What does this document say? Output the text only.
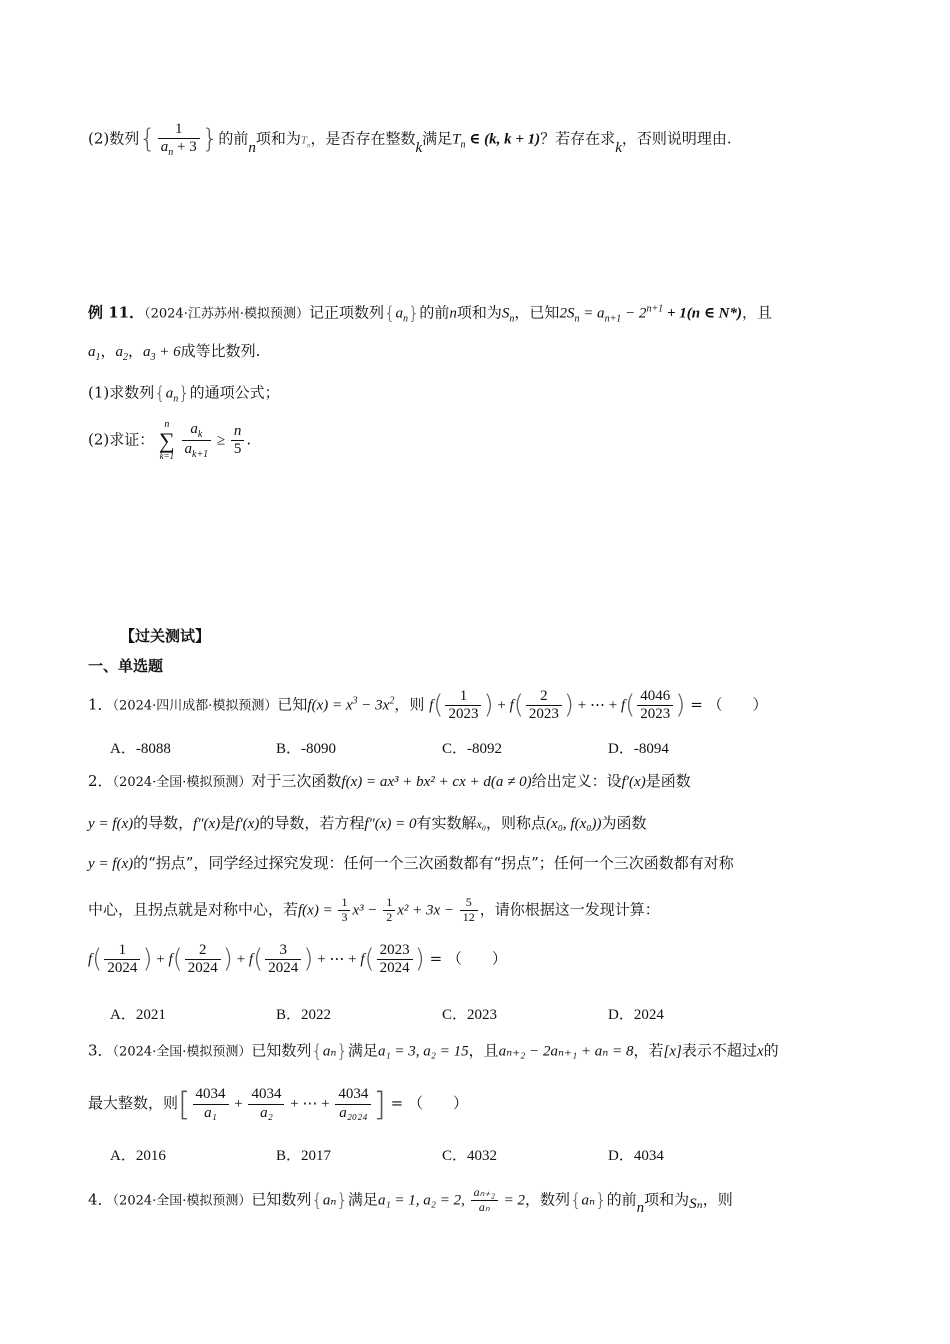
(2)数列{ $\frac{1}{a_n + 3}$ }的前n项和为$T_n$，是否存在整数k满足$T_n$ ∈ (k, k + 1)？若存在求k，否则说明理由.
例 11．（2024·江苏苏州·模拟预测）记正项数列$\{a_n\}$的前n项和为$S_n$，已知$2S_n = a_{n+1} - 2^{n+1} + 1(n$ ∈ N*)，且
$a_1$，$a_2$，$a_3 + 6$成等比数列.
(1)求数列$\{a_n\}$的通项公式；
(2)求证：
n
∑
k=1
$\frac{a_k}{a_{k+1}} \ge \frac{n}{5}$ .
【过关测试】
一、单选题
1．（2024·四川成都·模拟预测）已知$f(x) = x^3 - 3x^2$，则 $f( \frac{1}{2023}$ ) + $f( \frac{2}{2023}$ ) + ⋯ + $f( \frac{4046}{2023}$ ) = （　　）
A．-8088	B．-8090	C．-8092	D．-8094
2．（2024·全国·模拟预测）对于三次函数f(x) = ax³ + bx² + cx + d(a ≠ 0)给出定义：设f′(x)是函数
y = f(x)的导数，f″(x)是f′(x)的导数，若方程f″(x) = 0有实数解x₀，则称点(x₀, f(x₀))为函数
y = f(x)的“拐点”，同学经过探究发现：任何一个三次函数都有“拐点”；任何一个三次函数都有对称
中心，且拐点就是对称中心，若$f(x) = \frac{1}{3} x^3 - \frac{1}{2} x^2 + 3x - \frac{5}{12}$ ，请你根据这一发现计算：
$f( \frac{1}{2024}$ ) + $f( \frac{2}{2024}$ ) + $f( \frac{3}{2024}$ ) + ⋯ + $f( \frac{2023}{2024}$ ) = （　　）
A．2021	B．2022	C．2023	D．2024
3．（2024·全国·模拟预测）已知数列{aₙ}满足a₁ = 3, a₂ = 15，且aₙ₊₂ − 2aₙ₊₁ + aₙ = 8，若[x]表示不超过x的
最大整数，则[ $\frac{4034}{\text{a₁}} + \frac{4034}{\text{a₂}}$ + ⋯ + $\frac{4034}{\text{a₂₀₂₄}}$ ] = （　　）
A．2016	B．2017	C．4032	D．4034
4．（2024·全国·模拟预测）已知数列{aₙ}满足a₁ = 1, a₂ = 2, $\frac{\text{aₙ₊₂}}{\text{aₙ}} = 2$，数列{aₙ}的前n项和为Sₙ，则
